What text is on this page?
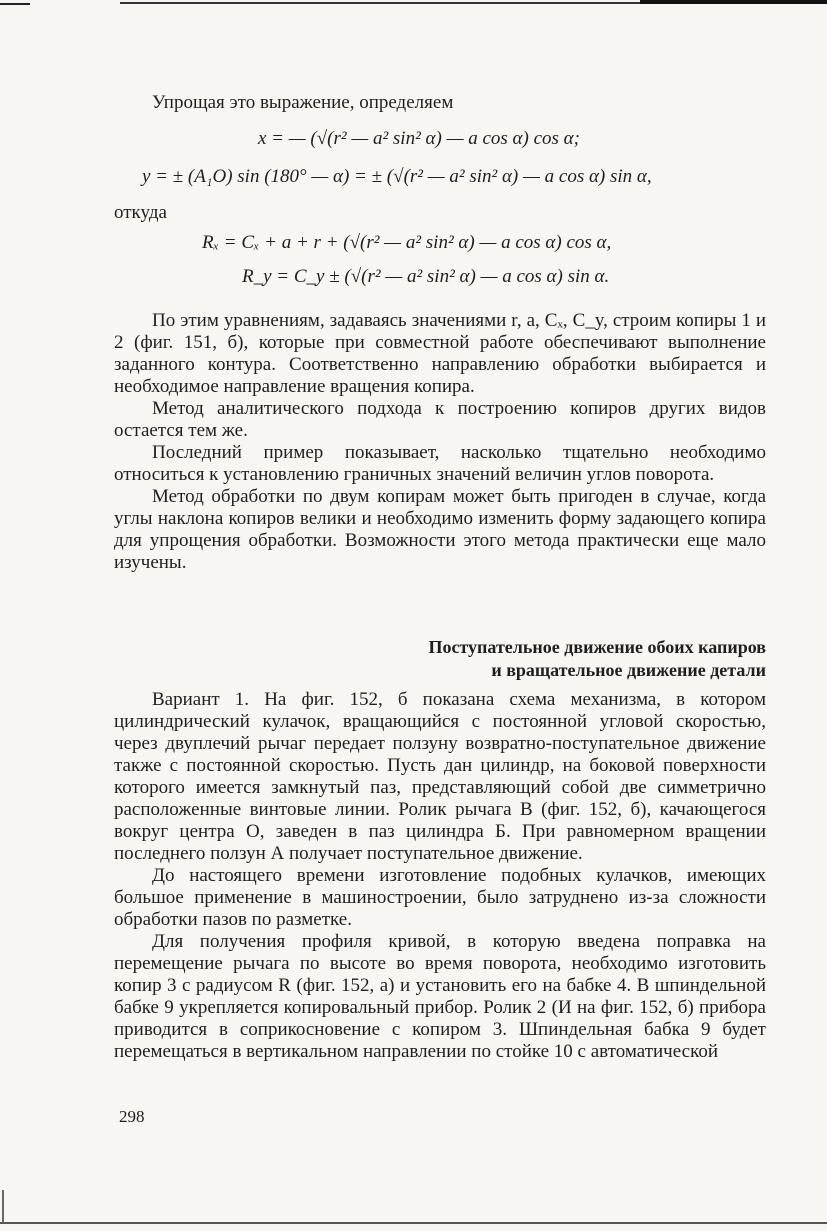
Упрощая это выражение, определяем

x = — (√(r² — a² sin² α) — a cos α) cos α;
y = ± (A₁O) sin (180° — α) = ± (√(r² — a² sin² α) — a cos α) sin α,
откуда
Rₓ = Cₓ + a + r + (√(r² — a² sin² α) — a cos α) cos α,
R_y = C_y ± (√(r² — a² sin² α) — a cos α) sin α.

По этим уравнениям, задаваясь значениями r, a, Cₓ, C_y, строим копиры 1 и 2 (фиг. 151, б), которые при совместной работе обеспечивают выполнение заданного контура. Соответственно направлению обработки выбирается и необходимое направление вращения копира.

Метод аналитического подхода к построению копиров других видов остается тем же.

Последний пример показывает, насколько тщательно необходимо относиться к установлению граничных значений величин углов поворота.

Метод обработки по двум копирам может быть пригоден в случае, когда углы наклона копиров велики и необходимо изменить форму задающего копира для упрощения обработки. Возможности этого метода практически еще мало изучены.

Поступательное движение обоих капиров
и вращательное движение детали

Вариант 1. На фиг. 152, б показана схема механизма, в котором цилиндрический кулачок, вращающийся с постоянной угловой скоростью, через двуплечий рычаг передает ползуну возвратно-поступательное движение также с постоянной скоростью. Пусть дан цилиндр, на боковой поверхности которого имеется замкнутый паз, представляющий собой две симметрично расположенные винтовые линии. Ролик рычага В (фиг. 152, б), качающегося вокруг центра О, заведен в паз цилиндра Б. При равномерном вращении последнего ползун А получает поступательное движение.

До настоящего времени изготовление подобных кулачков, имеющих большое применение в машиностроении, было затруднено из-за сложности обработки пазов по разметке.

Для получения профиля кривой, в которую введена поправка на перемещение рычага по высоте во время поворота, необходимо изготовить копир 3 с радиусом R (фиг. 152, а) и установить его на бабке 4. В шпиндельной бабке 9 укрепляется копировальный прибор. Ролик 2 (И на фиг. 152, б) прибора приводится в соприкосновение с копиром 3. Шпиндельная бабка 9 будет перемещаться в вертикальном направлении по стойке 10 с автоматической

298
